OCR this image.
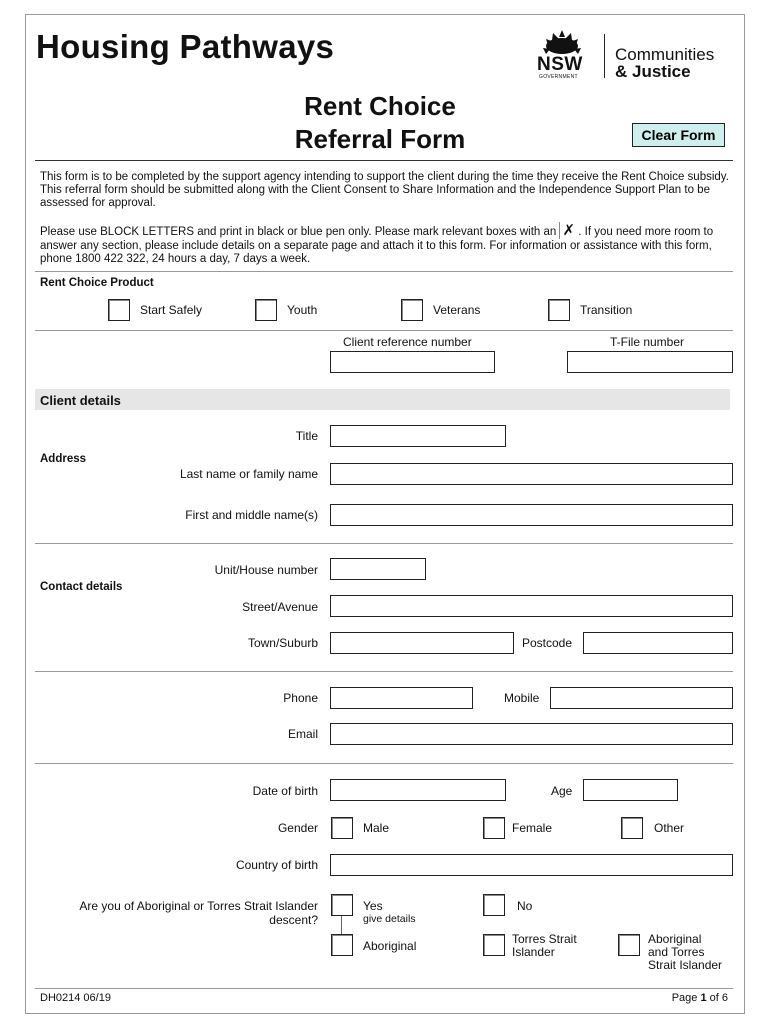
Housing Pathways	NSW
GOVERNMENT
Communities
& Justice
Rent Choice
Referral Form	Clear Form
This form is to be completed by the support agency intending to support the client during the time they receive the Rent Choice subsidy. This referral form should be submitted along with the Client Consent to Share Information and the Independence Support Plan to be assessed for approval.
Please use BLOCK LETTERS and print in black or blue pen only. Please mark relevant boxes with an ✗ . If you need more room to answer any section, please include details on a separate page and attach it to this form. For information or assistance with this form, phone 1800 422 322, 24 hours a day, 7 days a week.
Rent Choice Product
Start Safely	Youth	Veterans	Transition
Client reference number	T-File number
Client details
Title
Address
Last name or family name
First and middle name(s)
Unit/House number
Contact details
Street/Avenue
Town/Suburb	Postcode
Phone	Mobile
Email
Date of birth	Age
Gender	Male	Female	Other
Country of birth
Are you of Aboriginal or Torres Strait Islander
descent?
Yes
give details
No
Aboriginal	Torres Strait
Islander
Aboriginal
and Torres
Strait Islander
DH0214 06/19	Page 1 of 6
